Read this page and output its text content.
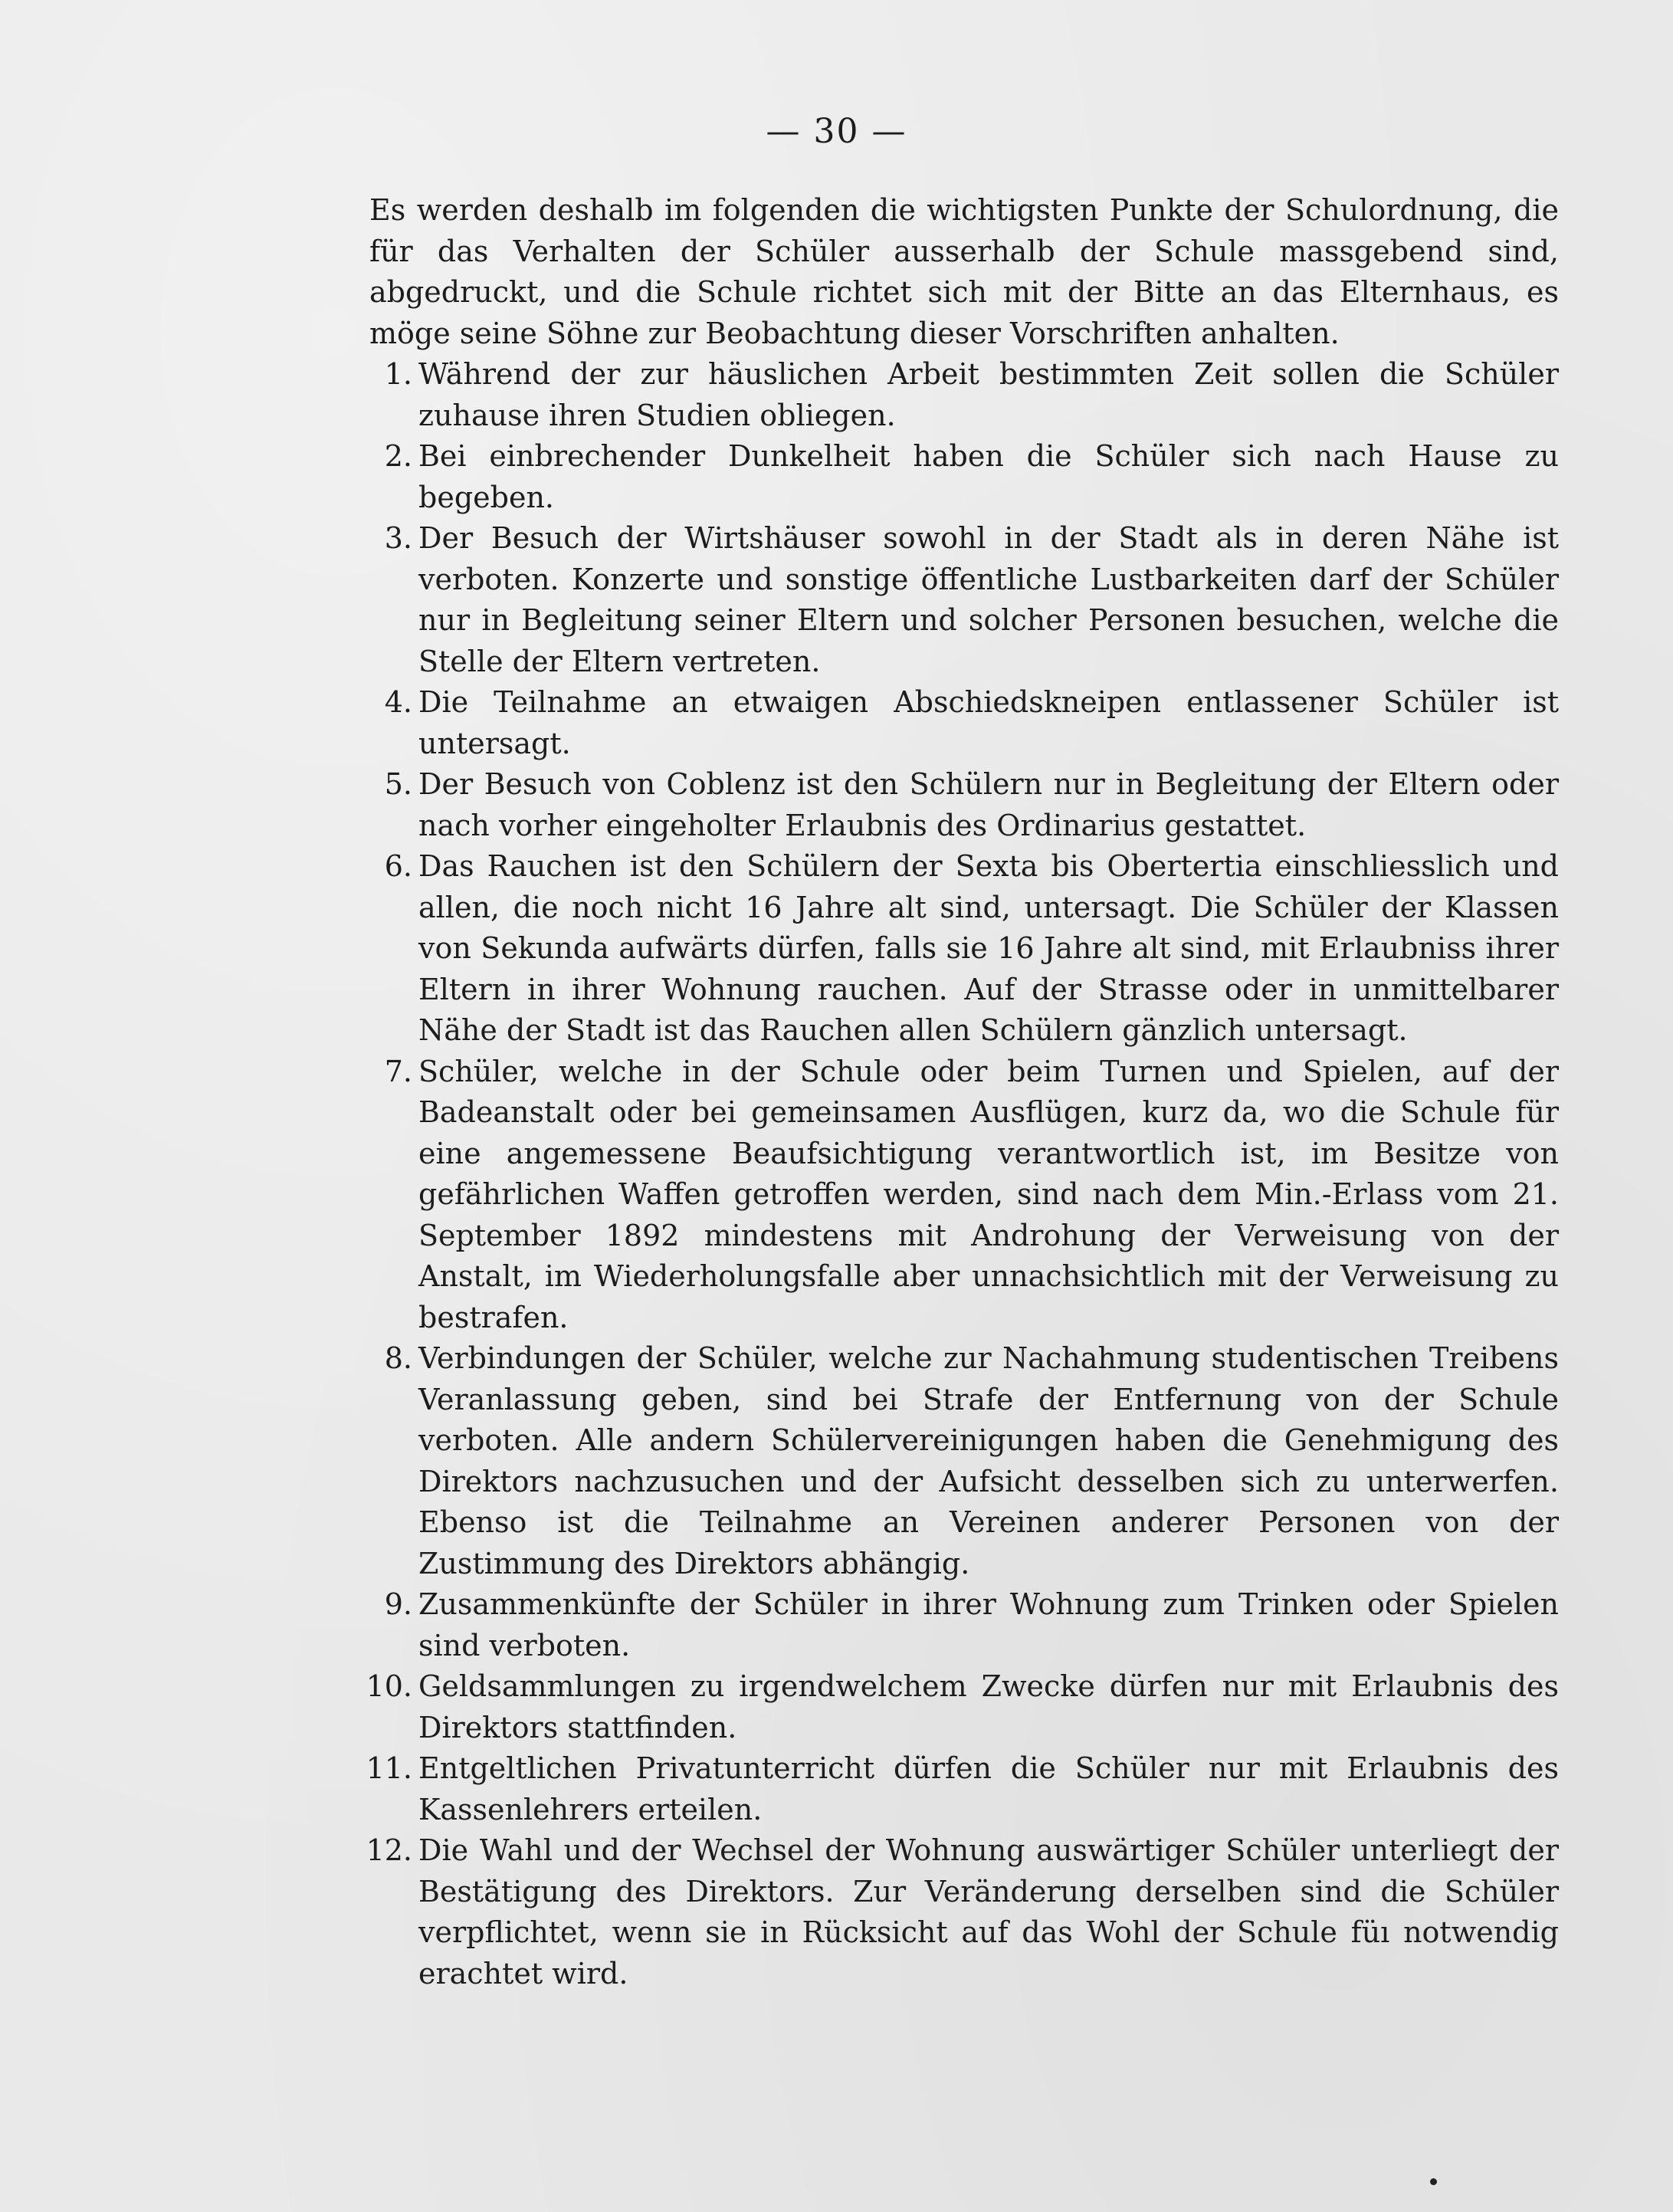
— 30 —

Es werden deshalb im folgenden die wichtigsten Punkte der Schulordnung, die für das Verhalten der Schüler ausserhalb der Schule massgebend sind, abgedruckt, und die Schule richtet sich mit der Bitte an das Elternhaus, es möge seine Söhne zur Beobachtung dieser Vorschriften anhalten.

1. Während der zur häuslichen Arbeit bestimmten Zeit sollen die Schüler zuhause ihren Studien obliegen.
2. Bei einbrechender Dunkelheit haben die Schüler sich nach Hause zu begeben.
3. Der Besuch der Wirtshäuser sowohl in der Stadt als in deren Nähe ist verboten. Konzerte und sonstige öffentliche Lustbarkeiten darf der Schüler nur in Begleitung seiner Eltern und solcher Personen besuchen, welche die Stelle der Eltern vertreten.
4. Die Teilnahme an etwaigen Abschiedskneipen entlassener Schüler ist untersagt.
5. Der Besuch von Coblenz ist den Schülern nur in Begleitung der Eltern oder nach vorher eingeholter Erlaubnis des Ordinarius gestattet.
6. Das Rauchen ist den Schülern der Sexta bis Obertertia einschliesslich und allen, die noch nicht 16 Jahre alt sind, untersagt. Die Schüler der Klassen von Sekunda aufwärts dürfen, falls sie 16 Jahre alt sind, mit Erlaubniss ihrer Eltern in ihrer Wohnung rauchen. Auf der Strasse oder in unmittelbarer Nähe der Stadt ist das Rauchen allen Schülern gänzlich untersagt.
7. Schüler, welche in der Schule oder beim Turnen und Spielen, auf der Badeanstalt oder bei gemeinsamen Ausflügen, kurz da, wo die Schule für eine angemessene Beaufsichtigung verantwortlich ist, im Besitze von gefährlichen Waffen getroffen werden, sind nach dem Min.-Erlass vom 21. September 1892 mindestens mit Androhung der Verweisung von der Anstalt, im Wiederholungsfalle aber unnachsichtlich mit der Verweisung zu bestrafen.
8. Verbindungen der Schüler, welche zur Nachahmung studentischen Treibens Veranlassung geben, sind bei Strafe der Entfernung von der Schule verboten. Alle andern Schülervereinigungen haben die Genehmigung des Direktors nachzusuchen und der Aufsicht desselben sich zu unterwerfen. Ebenso ist die Teilnahme an Vereinen anderer Personen von der Zustimmung des Direktors abhängig.
9. Zusammenkünfte der Schüler in ihrer Wohnung zum Trinken oder Spielen sind verboten.
10. Geldsammlungen zu irgendwelchem Zwecke dürfen nur mit Erlaubnis des Direktors stattfinden.
11. Entgeltlichen Privatunterricht dürfen die Schüler nur mit Erlaubnis des Kassenlehrers erteilen.
12. Die Wahl und der Wechsel der Wohnung auswärtiger Schüler unterliegt der Bestätigung des Direktors. Zur Veränderung derselben sind die Schüler verpflichtet, wenn sie in Rücksicht auf das Wohl der Schule füı notwendig erachtet wird.
